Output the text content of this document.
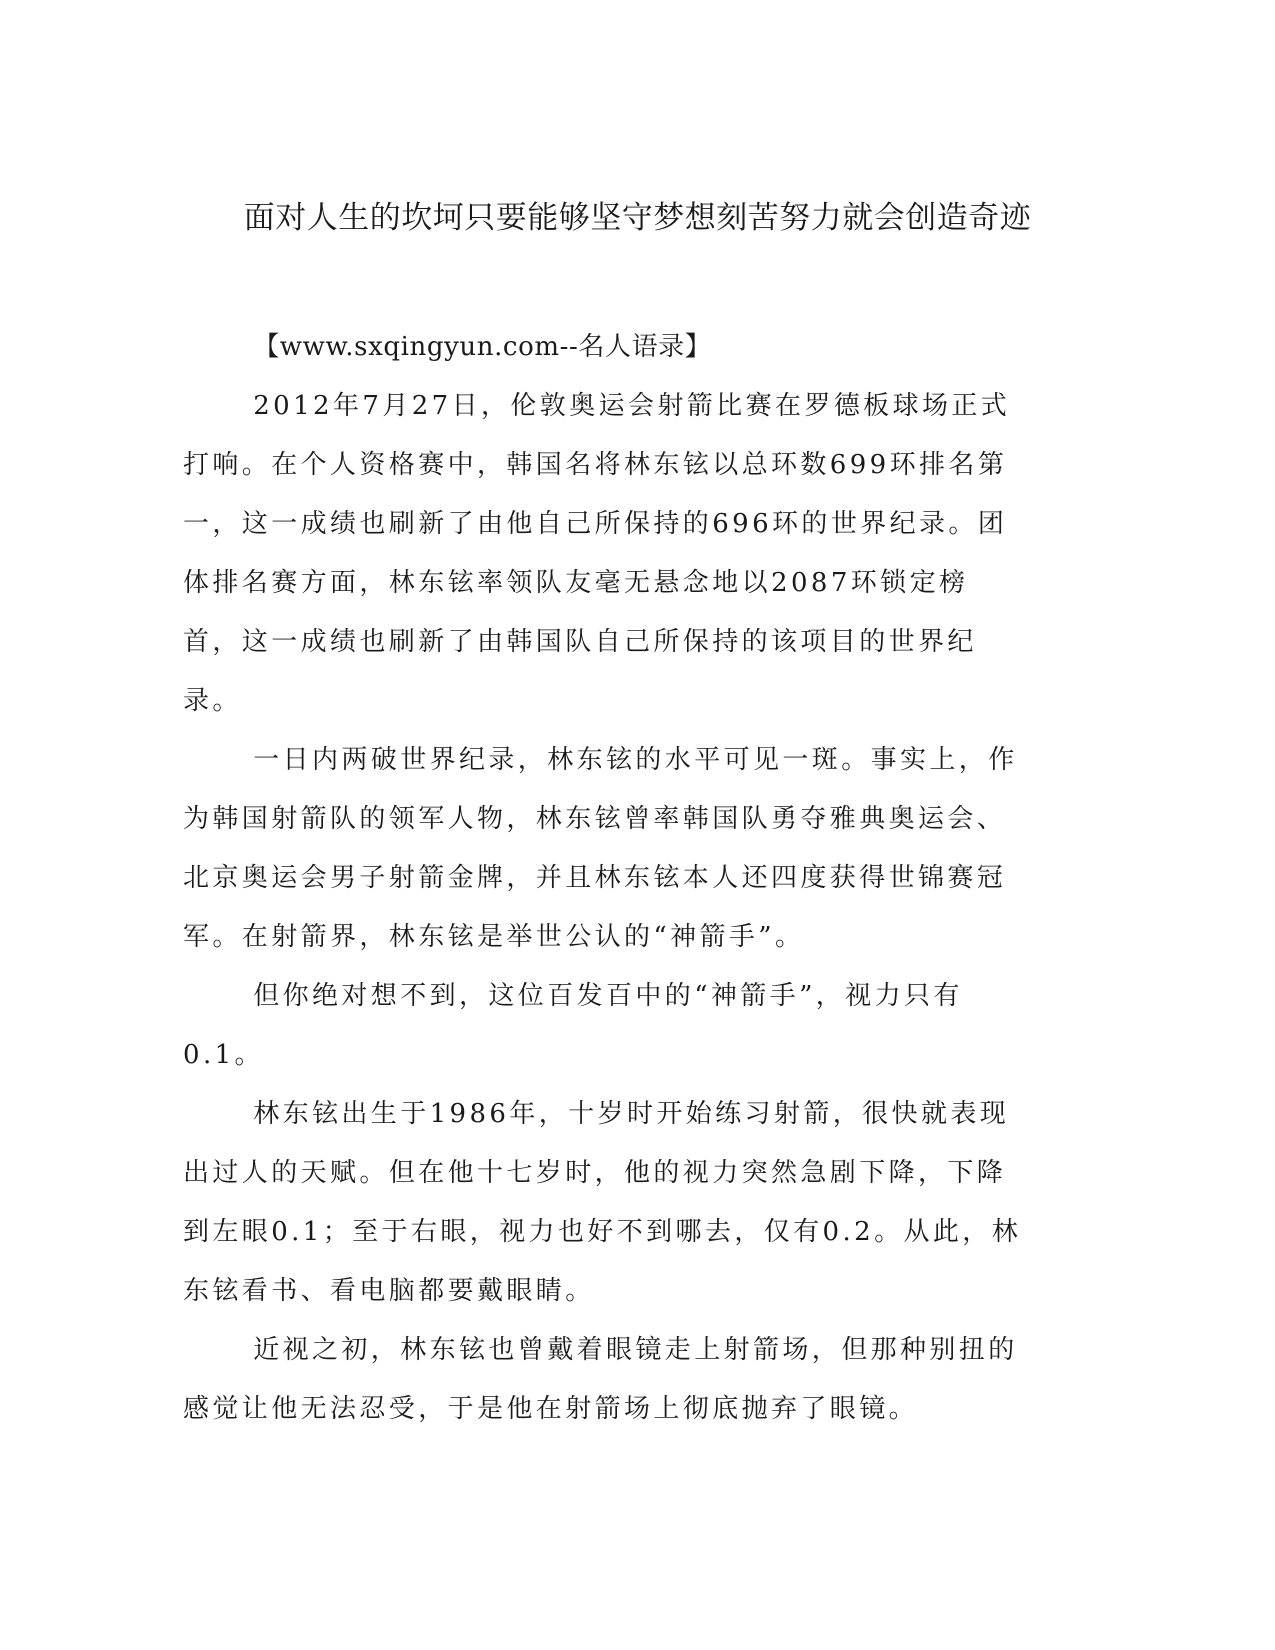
面对人生的坎坷只要能够坚守梦想刻苦努力就会创造奇迹

【www.sxqingyun.com--名人语录】

2012年7月27日，伦敦奥运会射箭比赛在罗德板球场正式打响。在个人资格赛中，韩国名将林东铉以总环数699环排名第一，这一成绩也刷新了由他自己所保持的696环的世界纪录。团体排名赛方面，林东铉率领队友毫无悬念地以2087环锁定榜首，这一成绩也刷新了由韩国队自己所保持的该项目的世界纪录。

一日内两破世界纪录，林东铉的水平可见一斑。事实上，作为韩国射箭队的领军人物，林东铉曾率韩国队勇夺雅典奥运会、北京奥运会男子射箭金牌，并且林东铉本人还四度获得世锦赛冠军。在射箭界，林东铉是举世公认的“神箭手”。

但你绝对想不到，这位百发百中的“神箭手”，视力只有0.1。

林东铉出生于1986年，十岁时开始练习射箭，很快就表现出过人的天赋。但在他十七岁时，他的视力突然急剧下降，下降到左眼0.1；至于右眼，视力也好不到哪去，仅有0.2。从此，林东铉看书、看电脑都要戴眼睛。

近视之初，林东铉也曾戴着眼镜走上射箭场，但那种别扭的感觉让他无法忍受，于是他在射箭场上彻底抛弃了眼镜。
